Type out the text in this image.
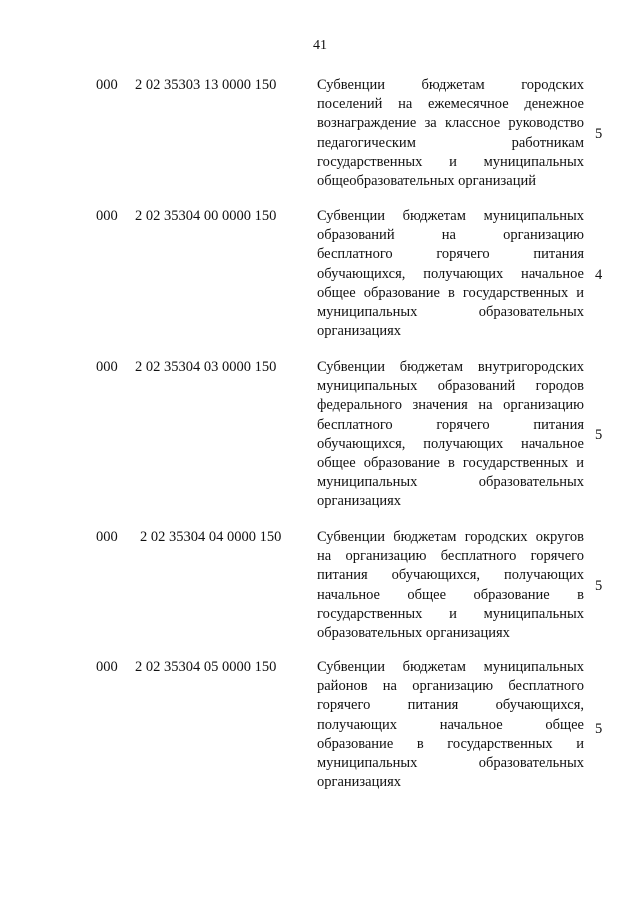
41
000 2 02 35303 13 0000 150	Субвенции бюджетам городских
поселений на ежемесячное денежное
вознаграждение за классное руководство
педагогическим работникам
государственных и муниципальных
общеобразовательных организаций
5
000 2 02 35304 00 0000 150	Субвенции бюджетам муниципальных
образований на организацию
бесплатного горячего питания
обучающихся, получающих начальное
общее образование в государственных и
муниципальных образовательных
организациях
4
000 2 02 35304 03 0000 150	Субвенции бюджетам внутригородских
муниципальных образований городов
федерального значения на организацию
бесплатного горячего питания
обучающихся, получающих начальное
общее образование в государственных и
муниципальных образовательных
организациях
5
000 2 02 35304 04 0000 150 Субвенции бюджетам городских округов
на организацию бесплатного горячего
питания обучающихся, получающих
начальное общее образование в
государственных и муниципальных
образовательных организациях
5
000 2 02 35304 05 0000 150	Субвенции бюджетам муниципальных
районов на организацию бесплатного
горячего питания обучающихся,
получающих начальное общее
образование в государственных и
муниципальных образовательных
организациях
5
